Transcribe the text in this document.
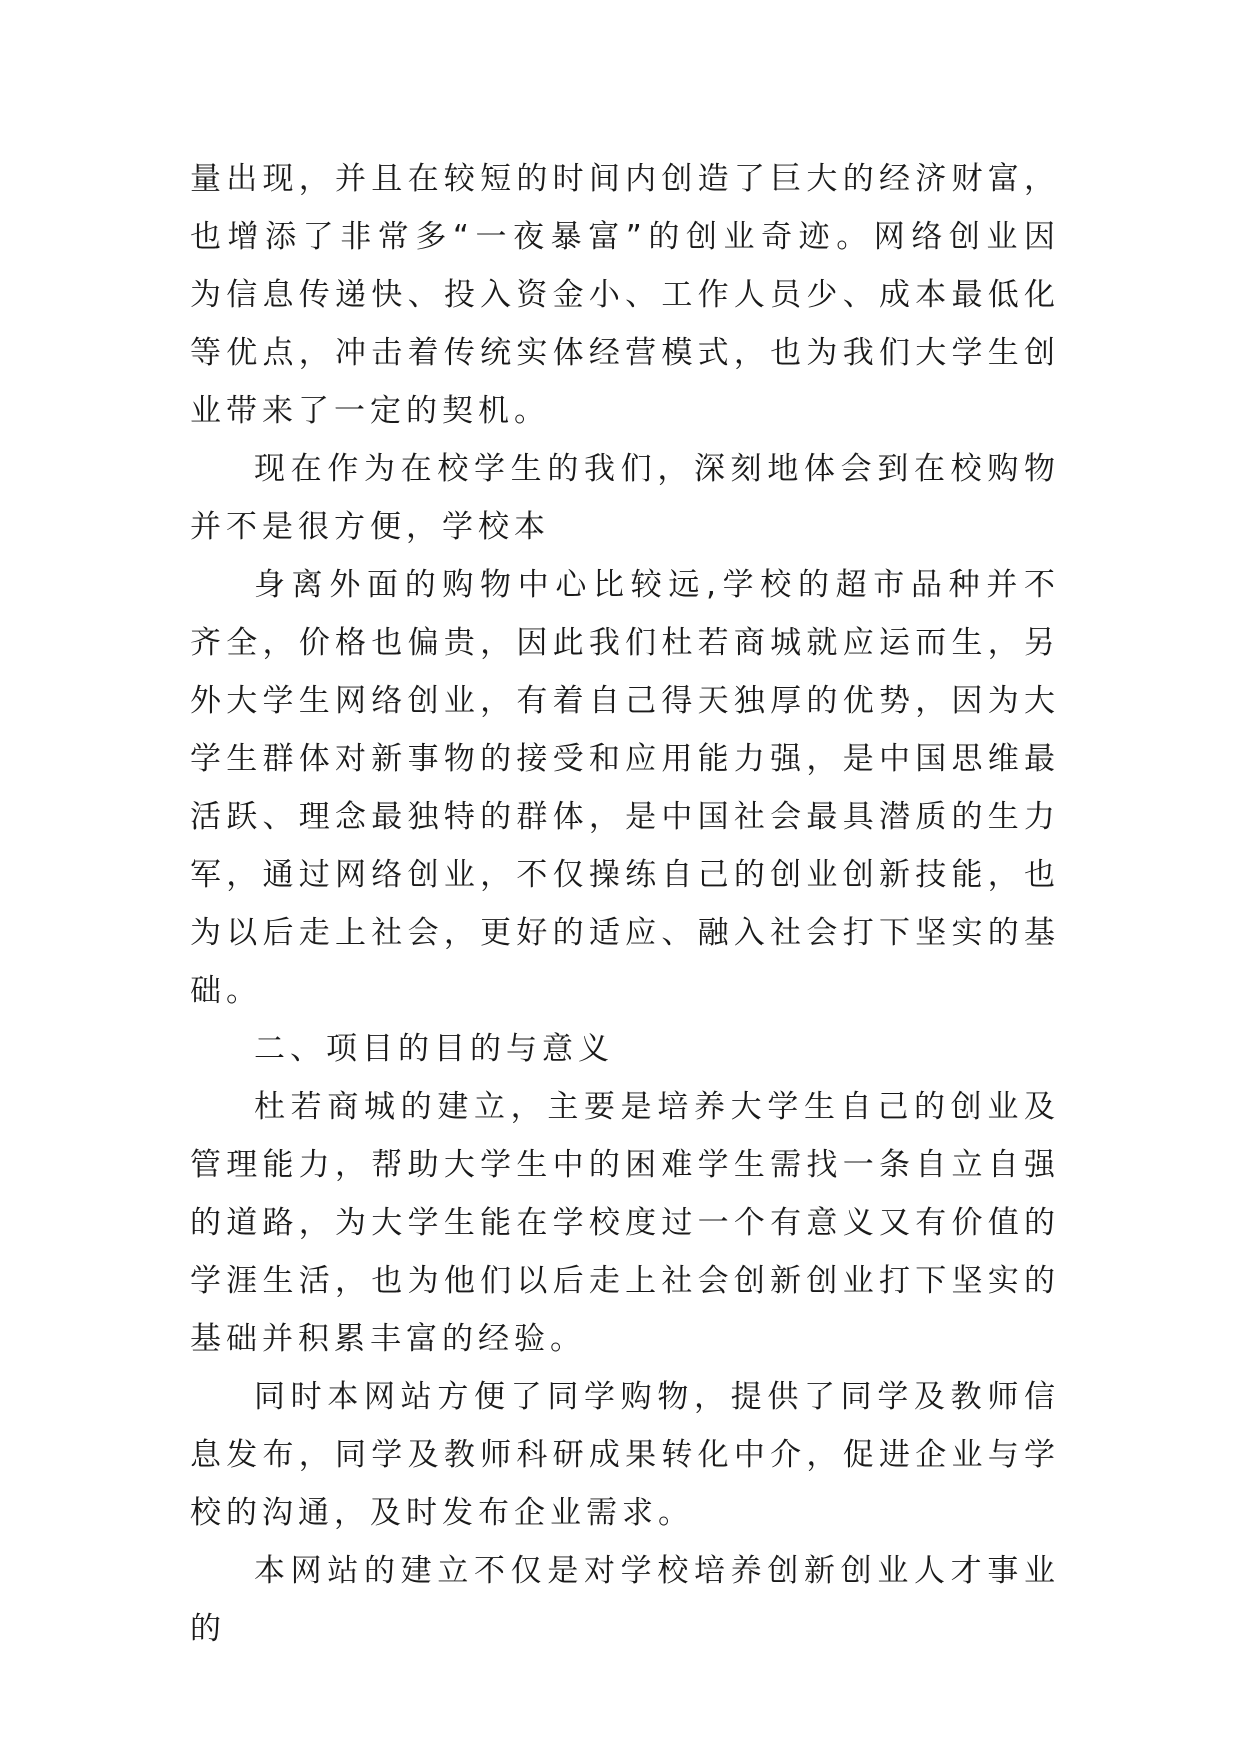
量出现，并且在较短的时间内创造了巨大的经济财富，也增添了非常多“一夜暴富”的创业奇迹。网络创业因为信息传递快、投入资金小、工作人员少、成本最低化等优点，冲击着传统实体经营模式，也为我们大学生创业带来了一定的契机。

现在作为在校学生的我们，深刻地体会到在校购物并不是很方便，学校本

身离外面的购物中心比较远,学校的超市品种并不齐全，价格也偏贵，因此我们杜若商城就应运而生，另外大学生网络创业，有着自己得天独厚的优势，因为大学生群体对新事物的接受和应用能力强，是中国思维最活跃、理念最独特的群体，是中国社会最具潜质的生力军，通过网络创业，不仅操练自己的创业创新技能，也为以后走上社会，更好的适应、融入社会打下坚实的基础。

二、项目的目的与意义

杜若商城的建立，主要是培养大学生自己的创业及管理能力，帮助大学生中的困难学生需找一条自立自强的道路，为大学生能在学校度过一个有意义又有价值的学涯生活，也为他们以后走上社会创新创业打下坚实的基础并积累丰富的经验。

同时本网站方便了同学购物，提供了同学及教师信息发布，同学及教师科研成果转化中介，促进企业与学校的沟通，及时发布企业需求。

本网站的建立不仅是对学校培养创新创业人才事业的
